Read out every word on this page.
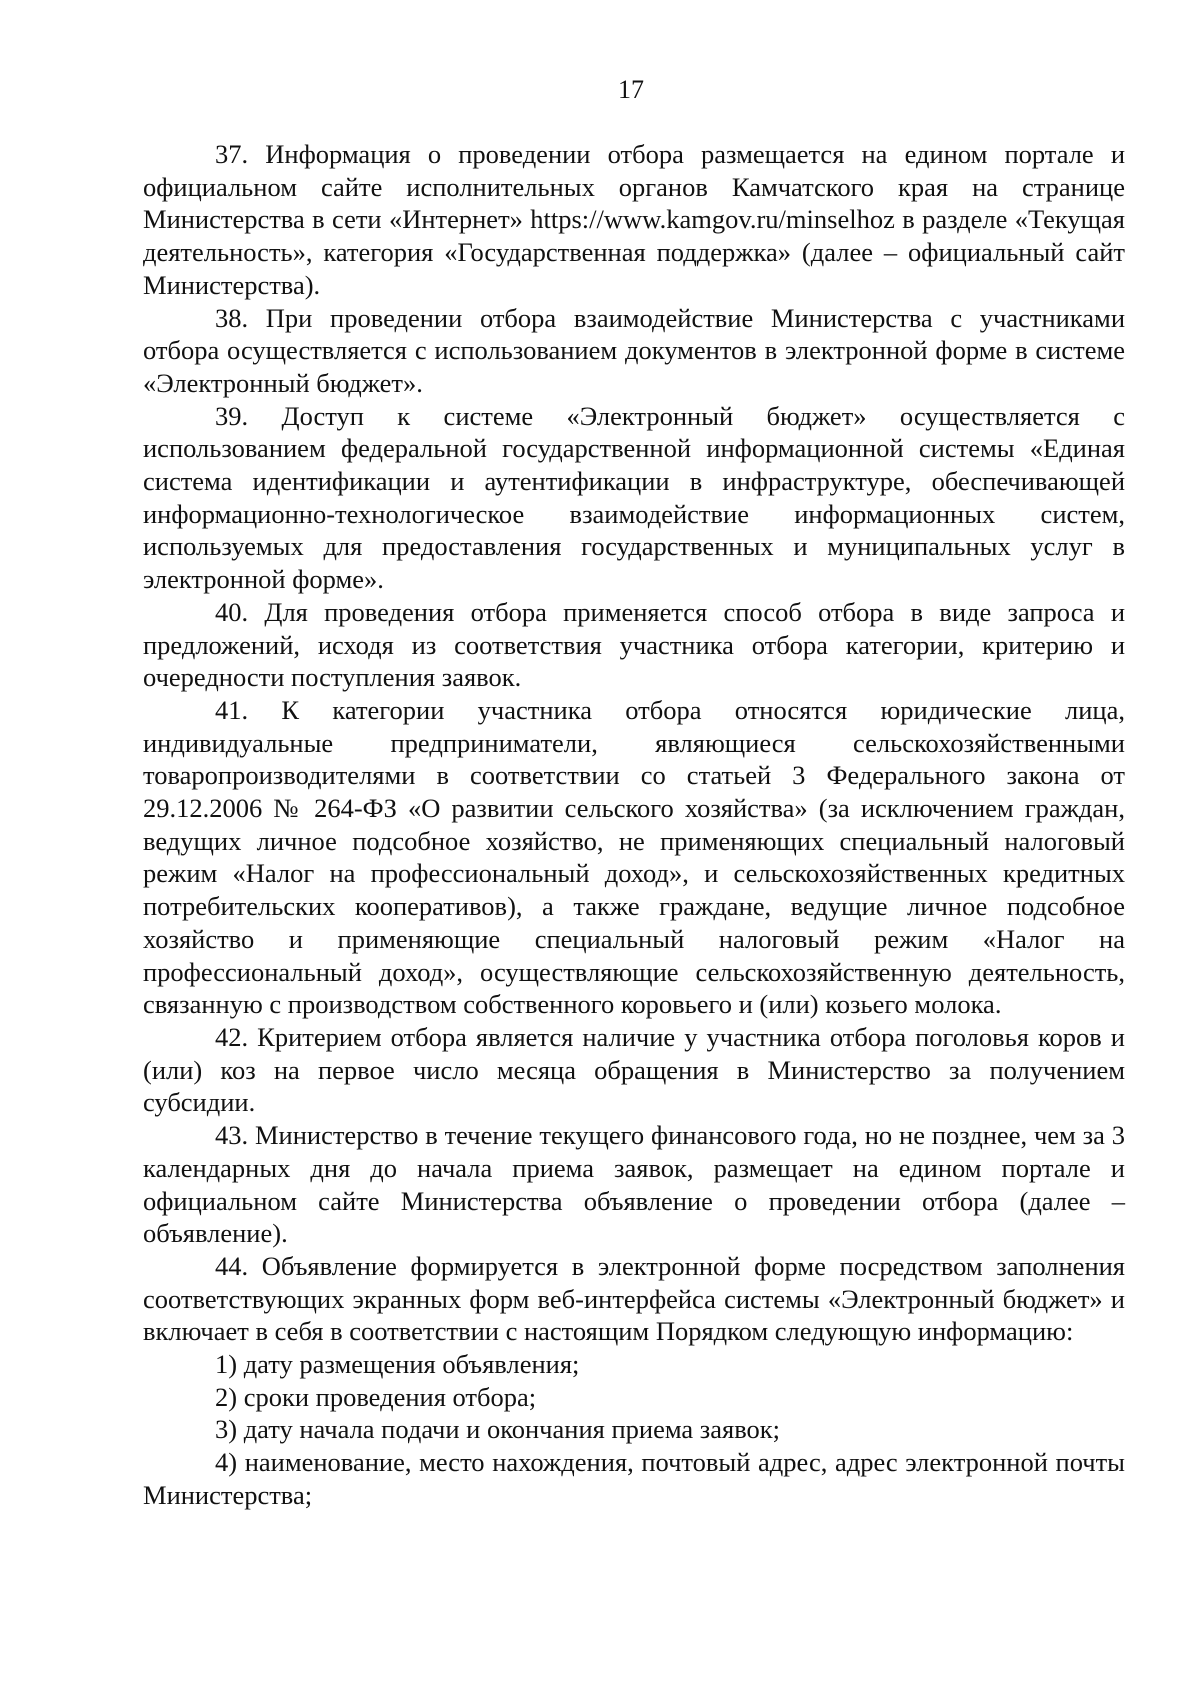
17

37. Информация о проведении отбора размещается на едином портале и официальном сайте исполнительных органов Камчатского края на странице Министерства в сети «Интернет» https://www.kamgov.ru/minselhoz в разделе «Текущая деятельность», категория «Государственная поддержка» (далее – официальный сайт Министерства).

38. При проведении отбора взаимодействие Министерства с участниками отбора осуществляется с использованием документов в электронной форме в системе «Электронный бюджет».

39. Доступ к системе «Электронный бюджет» осуществляется с использованием федеральной государственной информационной системы «Единая система идентификации и аутентификации в инфраструктуре, обеспечивающей информационно-технологическое взаимодействие информационных систем, используемых для предоставления государственных и муниципальных услуг в электронной форме».

40. Для проведения отбора применяется способ отбора в виде запроса и предложений, исходя из соответствия участника отбора категории, критерию и очередности поступления заявок.

41. К категории участника отбора относятся юридические лица, индивидуальные предприниматели, являющиеся сельскохозяйственными товаропроизводителями в соответствии со статьей 3 Федерального закона от 29.12.2006 № 264-ФЗ «О развитии сельского хозяйства» (за исключением граждан, ведущих личное подсобное хозяйство, не применяющих специальный налоговый режим «Налог на профессиональный доход», и сельскохозяйственных кредитных потребительских кооперативов), а также граждане, ведущие личное подсобное хозяйство и применяющие специальный налоговый режим «Налог на профессиональный доход», осуществляющие сельскохозяйственную деятельность, связанную с производством собственного коровьего и (или) козьего молока.

42. Критерием отбора является наличие у участника отбора поголовья коров и (или) коз на первое число месяца обращения в Министерство за получением субсидии.

43. Министерство в течение текущего финансового года, но не позднее, чем за 3 календарных дня до начала приема заявок, размещает на едином портале и официальном сайте Министерства объявление о проведении отбора (далее – объявление).

44. Объявление формируется в электронной форме посредством заполнения соответствующих экранных форм веб-интерфейса системы «Электронный бюджет» и включает в себя в соответствии с настоящим Порядком следующую информацию:

1) дату размещения объявления;

2) сроки проведения отбора;

3) дату начала подачи и окончания приема заявок;

4) наименование, место нахождения, почтовый адрес, адрес электронной почты Министерства;
